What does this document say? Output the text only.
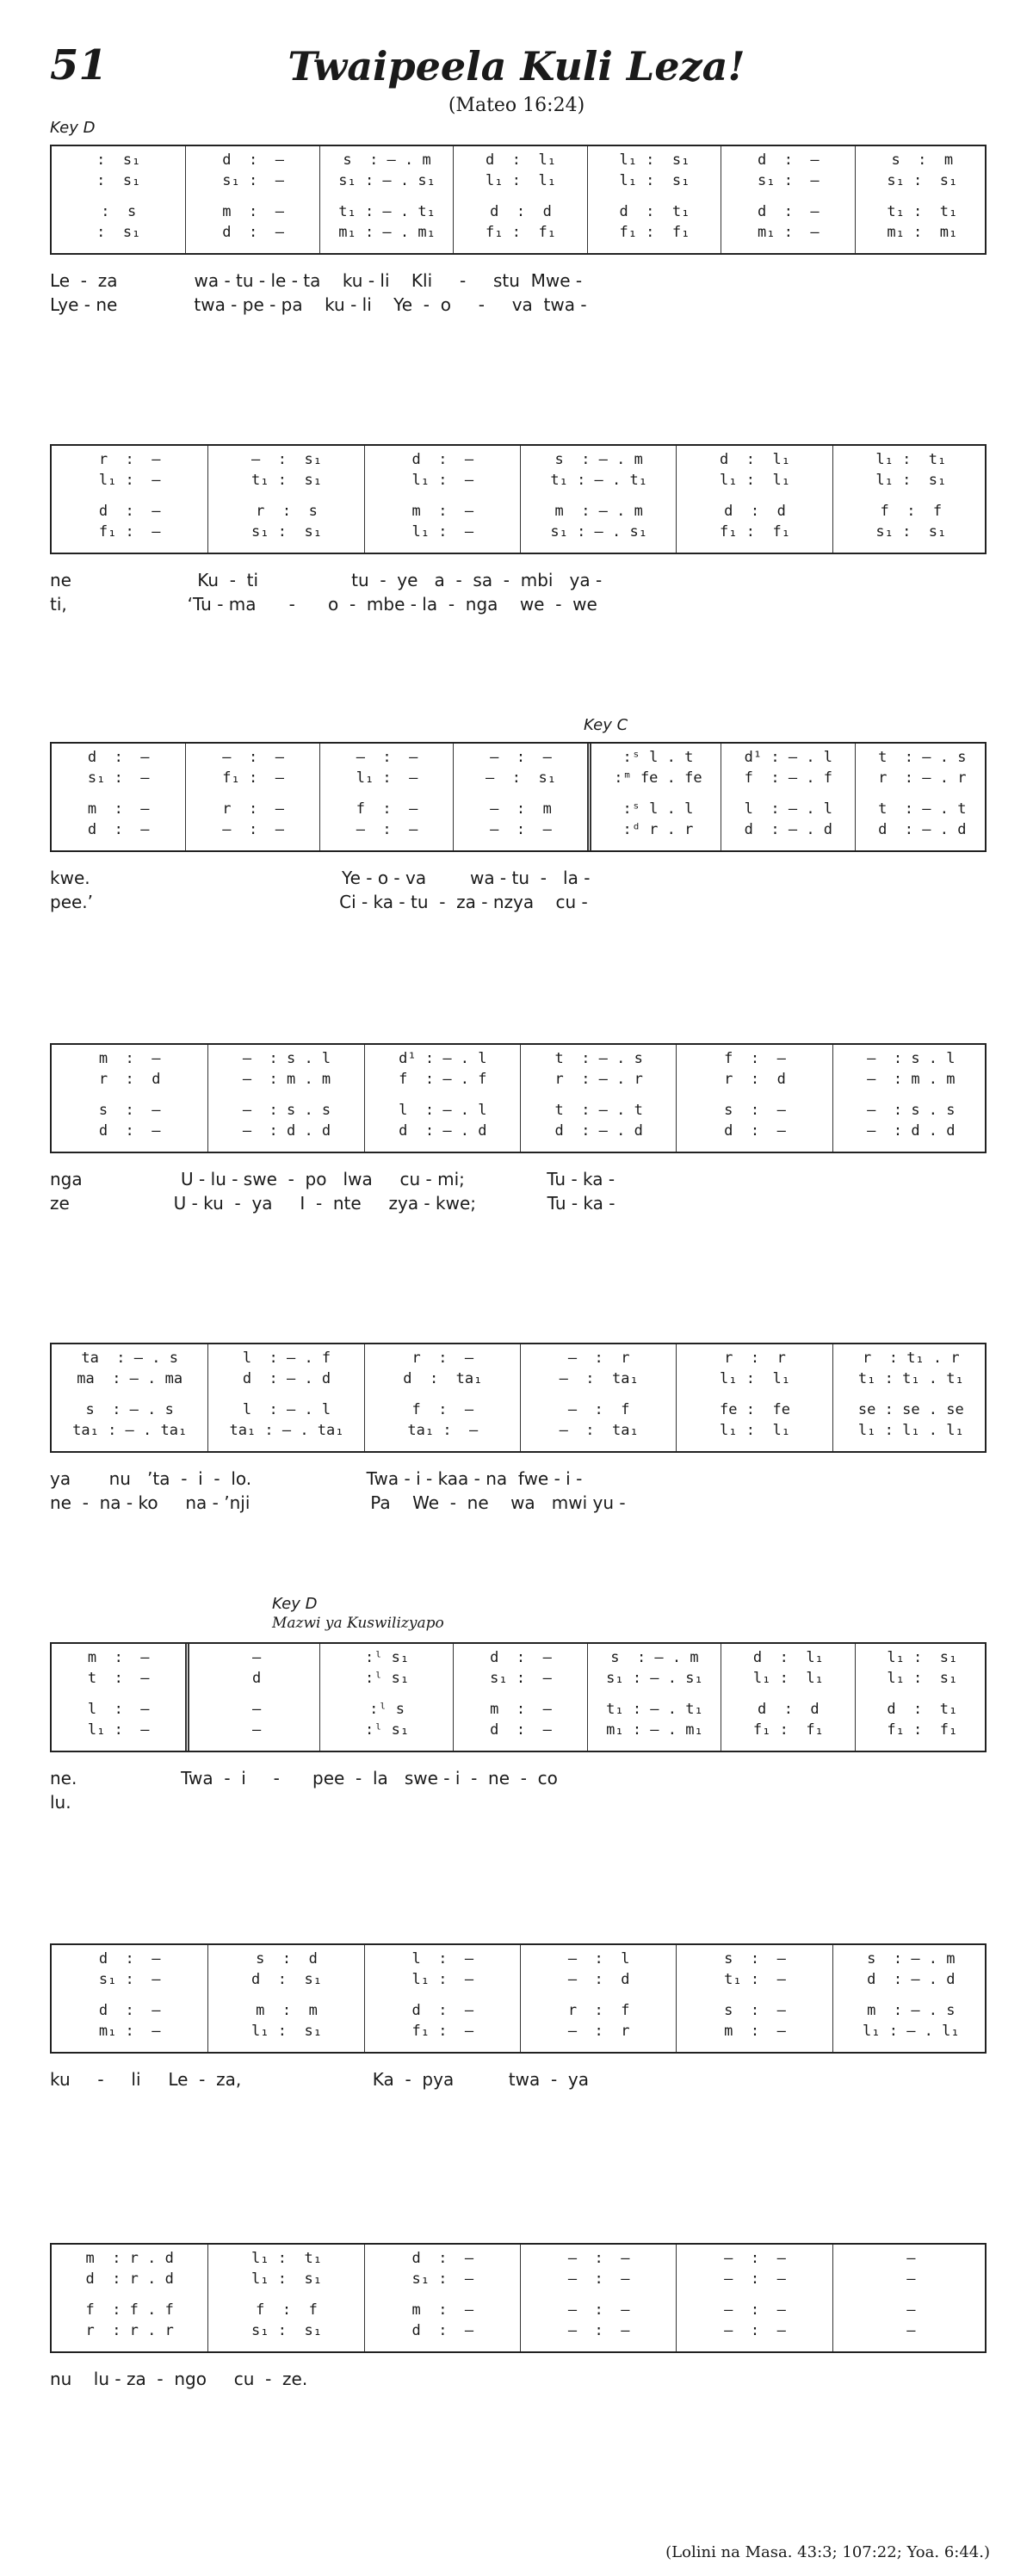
51	Twaipeela Kuli Leza!
(Mateo 16:24)
Key D
Key C
Key D
Mazwi ya Kuswilizyapo
:  s₁
:  s₁
:  s
:  s₁
d  :  —
s₁ :  —
m  :  —
d  :  —
s  : – . m
s₁ : – . s₁
t₁ : – . t₁
m₁ : – . m₁
d  :  l₁
l₁ :  l₁
d  :  d
f₁ :  f₁
l₁ :  s₁
l₁ :  s₁
d  :  t₁
f₁ :  f₁
d  :  —
s₁ :  —
d  :  —
m₁ :  —
s  :  m
s₁ :  s₁
t₁ :  t₁
m₁ :  m₁
Le  -  za              wa - tu - le - ta    ku - li    Kli     -     stu  Mwe -
Lye - ne              twa - pe - pa    ku - li    Ye  -  o     -     va  twa -
r  :  —
l₁ :  —
d  :  —
f₁ :  —
—  :  s₁
t₁ :  s₁
r  :  s
s₁ :  s₁
d  :  —
l₁ :  —
m  :  —
l₁ :  —
s  : – . m
t₁ : – . t₁
m  : – . m
s₁ : – . s₁
d  :  l₁
l₁ :  l₁
d  :  d
f₁ :  f₁
l₁ :  t₁
l₁ :  s₁
f  :  f
s₁ :  s₁
ne                       Ku  -  ti                 tu  -  ye   a  -  sa  -  mbi   ya -
ti,                      ‘Tu - ma      -      o  -  mbe - la  -  nga    we  -  we
d  :  —
s₁ :  —
m  :  —
d  :  —
—  :  —
f₁ :  —
r  :  —
—  :  —
—  :  —
l₁ :  —
f  :  —
—  :  —
—  :  —
—  :  s₁
—  :  m
—  :  —
:ˢ l . t
:ᵐ fe . fe
:ˢ l . l
:ᵈ r . r
d¹ : – . l
f  : – . f
l  : – . l
d  : – . d
t  : – . s
r  : – . r
t  : – . t
d  : – . d
kwe.                                              Ye - o - va        wa - tu  -   la -
pee.’                                             Ci - ka - tu  -  za - nzya    cu -
m  :  —
r  :  d
s  :  —
d  :  —
—  : s . l
—  : m . m
—  : s . s
—  : d . d
d¹ : – . l
f  : – . f
l  : – . l
d  : – . d
t  : – . s
r  : – . r
t  : – . t
d  : – . d
f  :  —
r  :  d
s  :  —
d  :  —
—  : s . l
—  : m . m
—  : s . s
—  : d . d
nga                  U - lu - swe  -  po   lwa     cu - mi;               Tu - ka -
ze                   U - ku  -  ya     I  -  nte     zya - kwe;             Tu - ka -
ta  : – . s
ma  : – . ma
s  : – . s
ta₁ : – . ta₁
l  : – . f
d  : – . d
l  : – . l
ta₁ : – . ta₁
r  :  —
d  :  ta₁
f  :  —
ta₁ :  —
—  :  r
—  :  ta₁
—  :  f
—  :  ta₁
r  :  r
l₁ :  l₁
fe :  fe
l₁ :  l₁
r  : t₁ . r
t₁ : t₁ . t₁
se : se . se
l₁ : l₁ . l₁
ya       nu   ’ta  -  i  -  lo.                     Twa - i - kaa - na  fwe - i -
ne  -  na - ko     na - ’nji                      Pa    We  -  ne    wa   mwi yu -
m  :  —
t  :  —
l  :  —
l₁ :  —
—
d
—
—
:ˡ s₁
:ˡ s₁
:ˡ s
:ˡ s₁
d  :  —
s₁ :  —
m  :  —
d  :  —
s  : – . m
s₁ : – . s₁
t₁ : – . t₁
m₁ : – . m₁
d  :  l₁
l₁ :  l₁
d  :  d
f₁ :  f₁
l₁ :  s₁
l₁ :  s₁
d  :  t₁
f₁ :  f₁
ne.                   Twa  -  i     -      pee  -  la   swe - i  -  ne  -  co
lu.
d  :  —
s₁ :  —
d  :  —
m₁ :  —
s  :  d
d  :  s₁
m  :  m
l₁ :  s₁
l  :  —
l₁ :  —
d  :  —
f₁ :  —
—  :  l
—  :  d
r  :  f
—  :  r
s  :  —
t₁ :  —
s  :  —
m  :  —
s  : – . m
d  : – . d
m  : – . s
l₁ : – . l₁
ku     -     li     Le  -  za,                        Ka  -  pya          twa  -  ya
m  : r . d
d  : r . d
f  : f . f
r  : r . r
l₁ :  t₁
l₁ :  s₁
f  :  f
s₁ :  s₁
d  :  —
s₁ :  —
m  :  —
d  :  —
—  :  —
—  :  —
—  :  —
—  :  —
—  :  —
—  :  —
—  :  —
—  :  —
—
—
—
—
nu    lu - za  -  ngo     cu  -  ze.
(Lolini na Masa. 43:3; 107:22; Yoa. 6:44.)
